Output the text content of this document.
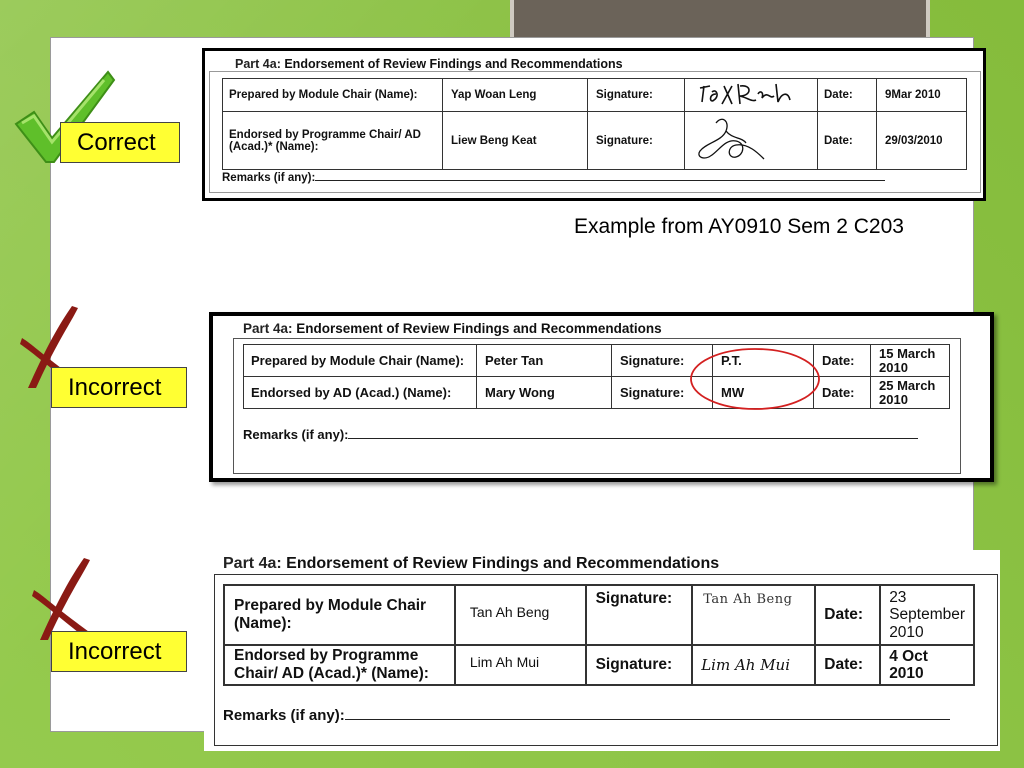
Correct
Part 4a: Endorsement of Review Findings and Recommendations
Prepared by Module Chair (Name):	Yap Woan Leng	Signature:		Date:	9Mar 2010
Endorsed by Programme Chair/ AD (Acad.)* (Name):	Liew Beng Keat	Signature:		Date:	29/03/2010
Remarks (if any):
Example from AY0910 Sem 2 C203
Incorrect
Part 4a: Endorsement of Review Findings and Recommendations
Prepared by Module Chair (Name):	Peter Tan	Signature:	P.T.	Date:	15 March 2010
Endorsed by AD (Acad.) (Name):	Mary Wong	Signature:	MW	Date:	25 March 2010
Remarks (if any):
Incorrect
Part 4a: Endorsement of Review Findings and Recommendations
Prepared by Module Chair (Name):	Tan Ah Beng	Signature:	Tan Ah Beng	Date:	23 September 2010
Endorsed by Programme Chair/ AD (Acad.)* (Name):	Lim Ah Mui	Signature:	Lim Ah Mui	Date:	4 Oct 2010
Remarks (if any):
